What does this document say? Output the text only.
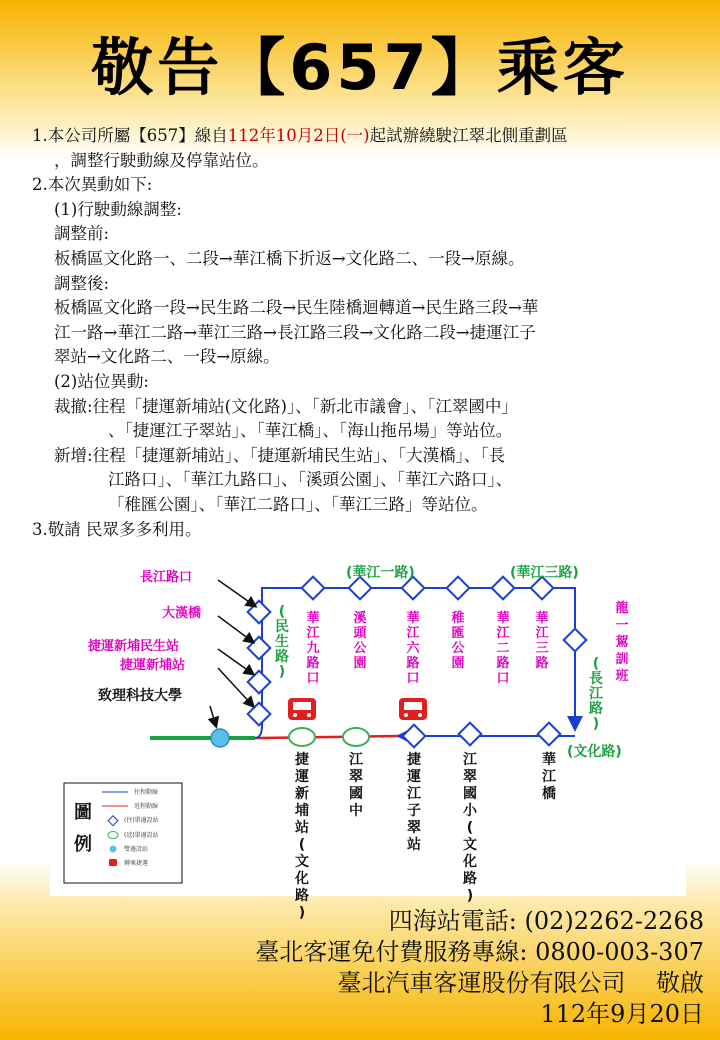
敬告【657】乘客

1.本公司所屬【657】線自112年10月2日(一)起試辦繞駛江翠北側重劃區

，調整行駛動線及停靠站位。

2.本次異動如下:

(1)行駛動線調整:

調整前:

板橋區文化路一、二段→華江橋下折返→文化路二、一段→原線。

調整後:

板橋區文化路一段→民生路二段→民生陸橋迴轉道→民生路三段→華

江一路→華江二路→華江三路→長江路三段→文化路二段→捷運江子

翠站→文化路二、一段→原線。

(2)站位異動:

裁撤:往程「捷運新埔站(文化路)」、「新北市議會」、「江翠國中」

、「捷運江子翠站」、「華江橋」、「海山拖吊場」等站位。

新增:往程「捷運新埔站」、「捷運新埔民生站」、「大漢橋」、「長

江路口」、「華江九路口」、「溪頭公園」、「華江六路口」、

「稚匯公園」、「華江二路口」、「華江三路」等站位。

3.敬請 民眾多多利用。

(華江一路)	(華江三路)
(文化路)
(民生路)	(長江路)
長江路口
大漢橋
捷運新埔民生站
捷運新埔站
致理科技大學
華江九路口
溪頭公園
華江六路口
稚匯公園
華江二路口
華江三路
捷運新埔站(文化路)
江翠國中
捷運江子翠站
江翠國小(文化路)
華江橋
龍一駕訓班
圖
例
往程動線
返程動線
(往)單邊設站
(返)單邊設站
雙邊設站
轉乘捷運

四海站電話: (02)2262-2268

臺北客運免付費服務專線: 0800-003-307

臺北汽車客運股份有限公司 敬啟

112年9月20日
